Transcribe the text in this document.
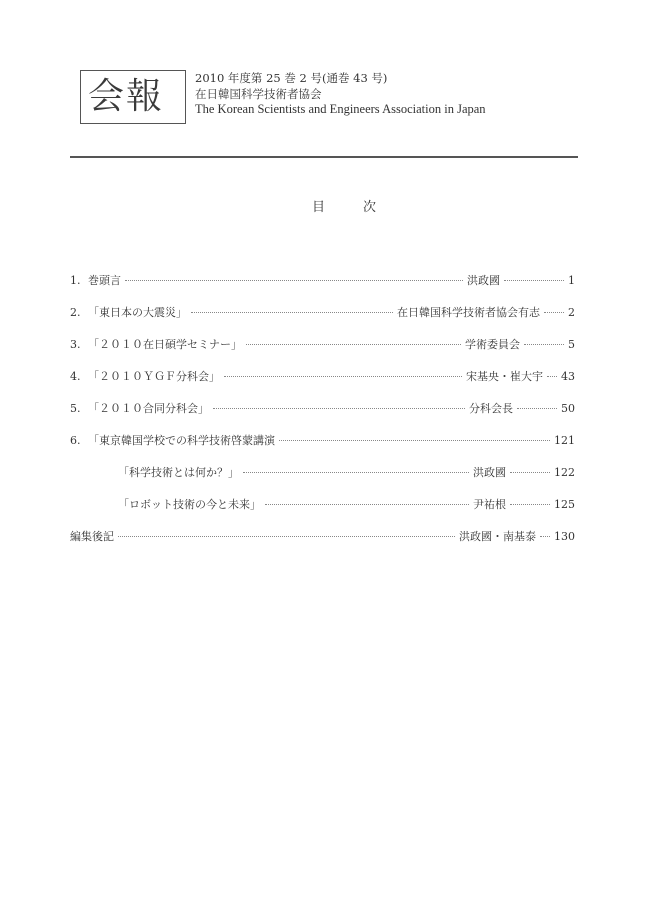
会報	2010 年度第 25 巻 2 号(通巻 43 号)
在日韓国科学技術者協会
The Korean Scientists and Engineers Association in Japan
目次
1. 巻頭言	洪政國	1
2. 「東日本の大震災」	在日韓国科学技術者協会有志	2
3. 「２０１０在日碩学セミナー」	学術委員会	5
4. 「２０１０ＹＧＦ分科会」	宋基央・崔大宇 43
5. 「２０１０合同分科会」	分科会長	50
6. 「東京韓国学校での科学技術啓蒙講演	121
「科学技術とは何か？」	洪政國	122
「ロボット技術の今と未来」	尹祐根	125
編集後記	洪政國・南基泰 130
